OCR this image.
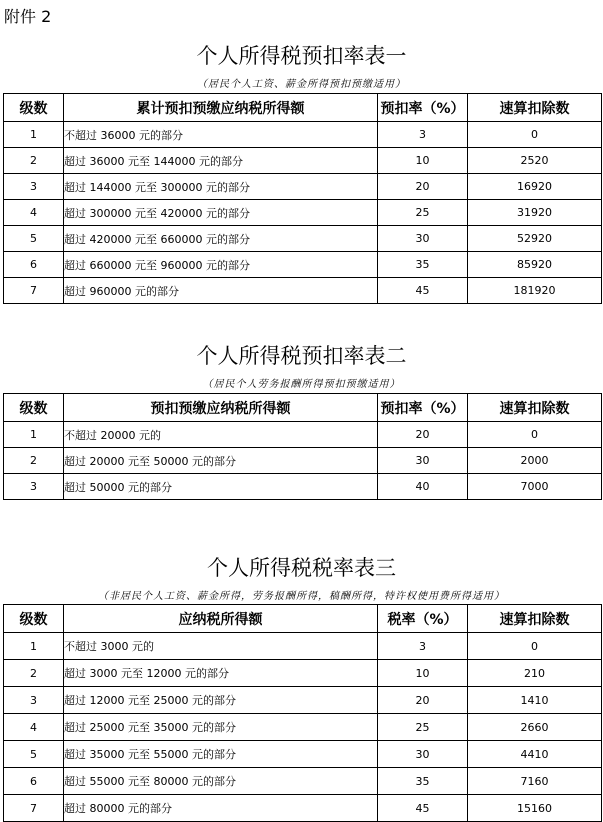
附件 2
个人所得税预扣率表一
（居民个人工资、薪金所得预扣预缴适用）
级数	累计预扣预缴应纳税所得额	预扣率（%）	速算扣除数
1	不超过 36000 元的部分	3	0
2	超过 36000 元至 144000 元的部分	10	2520
3	超过 144000 元至 300000 元的部分	20	16920
4	超过 300000 元至 420000 元的部分	25	31920
5	超过 420000 元至 660000 元的部分	30	52920
6	超过 660000 元至 960000 元的部分	35	85920
7	超过 960000 元的部分	45	181920
个人所得税预扣率表二
（居民个人劳务报酬所得预扣预缴适用）
级数	预扣预缴应纳税所得额	预扣率（%）	速算扣除数
1	不超过 20000 元的	20	0
2	超过 20000 元至 50000 元的部分	30	2000
3	超过 50000 元的部分	40	7000
个人所得税税率表三
（非居民个人工资、薪金所得，劳务报酬所得，稿酬所得，特许权使用费所得适用）
级数	应纳税所得额	税率（%）	速算扣除数
1	不超过 3000 元的	3	0
2	超过 3000 元至 12000 元的部分	10	210
3	超过 12000 元至 25000 元的部分	20	1410
4	超过 25000 元至 35000 元的部分	25	2660
5	超过 35000 元至 55000 元的部分	30	4410
6	超过 55000 元至 80000 元的部分	35	7160
7	超过 80000 元的部分	45	15160
